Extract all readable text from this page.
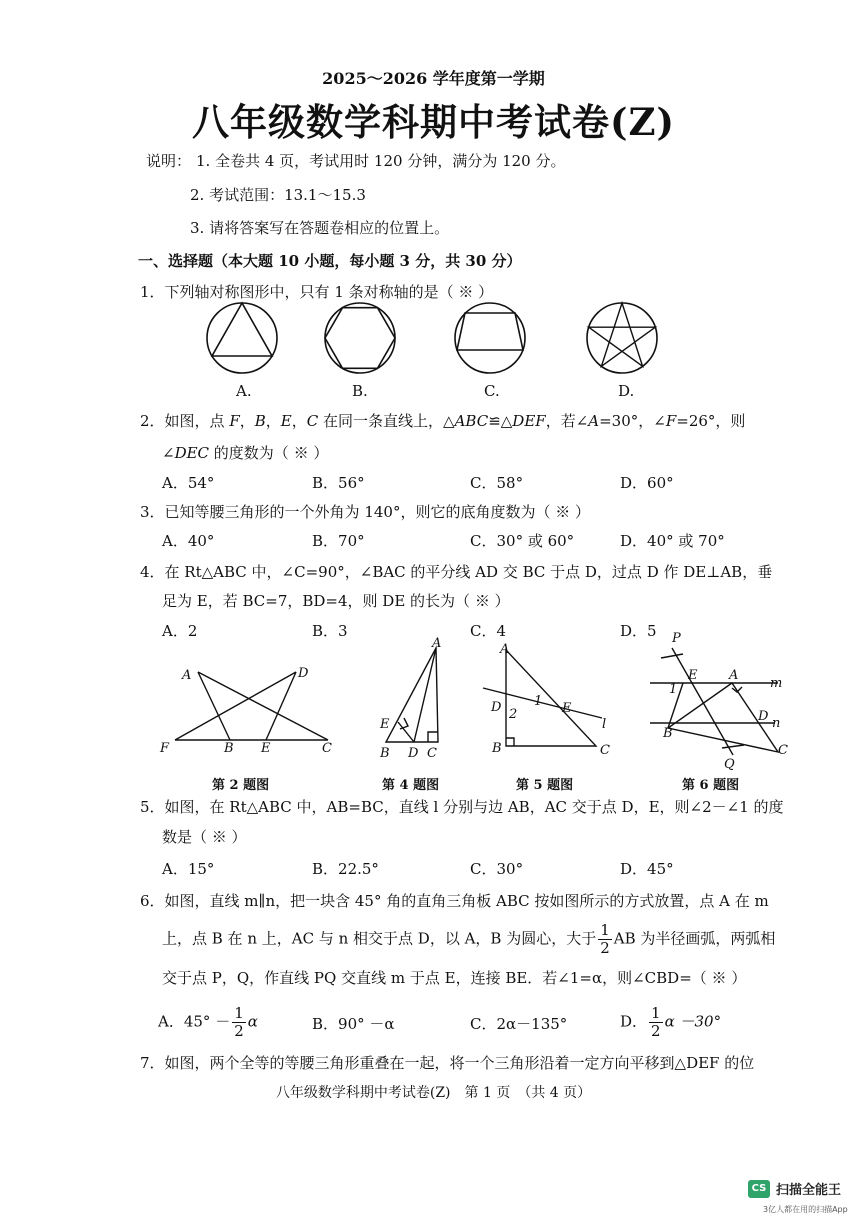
2025～2026 学年度第一学期
八年级数学科期中考试卷(Z)
说明： 1. 全卷共 4 页，考试用时 120 分钟，满分为 120 分。
2. 考试范围：13.1～15.3
3. 请将答案写在答题卷相应的位置上。
一、选择题（本大题 10 小题，每小题 3 分，共 30 分）
1．下列轴对称图形中，只有 1 条对称轴的是（ ※ ）
A.	B.	C.	D.
2．如图，点 F，B，E，C 在同一条直线上，△ABC≌△DEF，若∠A=30°，∠F=26°，则
∠DEC 的度数为（ ※ ）
A．54°	B．56°	C．58°	D．60°
3．已知等腰三角形的一个外角为 140°，则它的底角度数为（ ※ ）
A．40°	B．70°	C．30° 或 60°	D．40° 或 70°
4．在 Rt△ABC 中，∠C=90°，∠BAC 的平分线 AD 交 BC 于点 D，过点 D 作 DE⊥AB，垂
足为 E，若 BC=7，BD=4，则 DE 的长为（ ※ ）
A．2	B．3	C．4	D．5
A	D
F	B E	C
A
E
B D C
A
D 2
1 E
l
B	C
P
E A
m
1
D n
B
Q
C
第 2 题图	第 4 题图	第 5 题图	第 6 题图
5．如图，在 Rt△ABC 中，AB=BC，直线 l 分别与边 AB，AC 交于点 D，E，则∠2－∠1 的度
数是（ ※ ）
A．15°	B．22.5°	C．30°	D．45°
6．如图，直线 m∥n，把一块含 45° 角的直角三角板 ABC 按如图所示的方式放置，点 A 在 m
上，点 B 在 n 上，AC 与 n 相交于点 D，以 A，B 为圆心，大于 $\frac{1}{2}$ AB 为半径画弧，两弧相
交于点 P，Q，作直线 PQ 交直线 m 于点 E，连接 BE．若∠1=α，则∠CBD=（ ※ ）
A．$45^\circ - \frac{1}{2}$ α	B．90° －α	C．2α－135°	D． $\frac{1}{2}$ α －30°
7．如图，两个全等的等腰三角形重叠在一起，将一个三角形沿着一定方向平移到△DEF 的位
八年级数学科期中考试卷(Z)　第 1 页　（共 4 页）
CS 扫描全能王
3亿人都在用的扫描App
